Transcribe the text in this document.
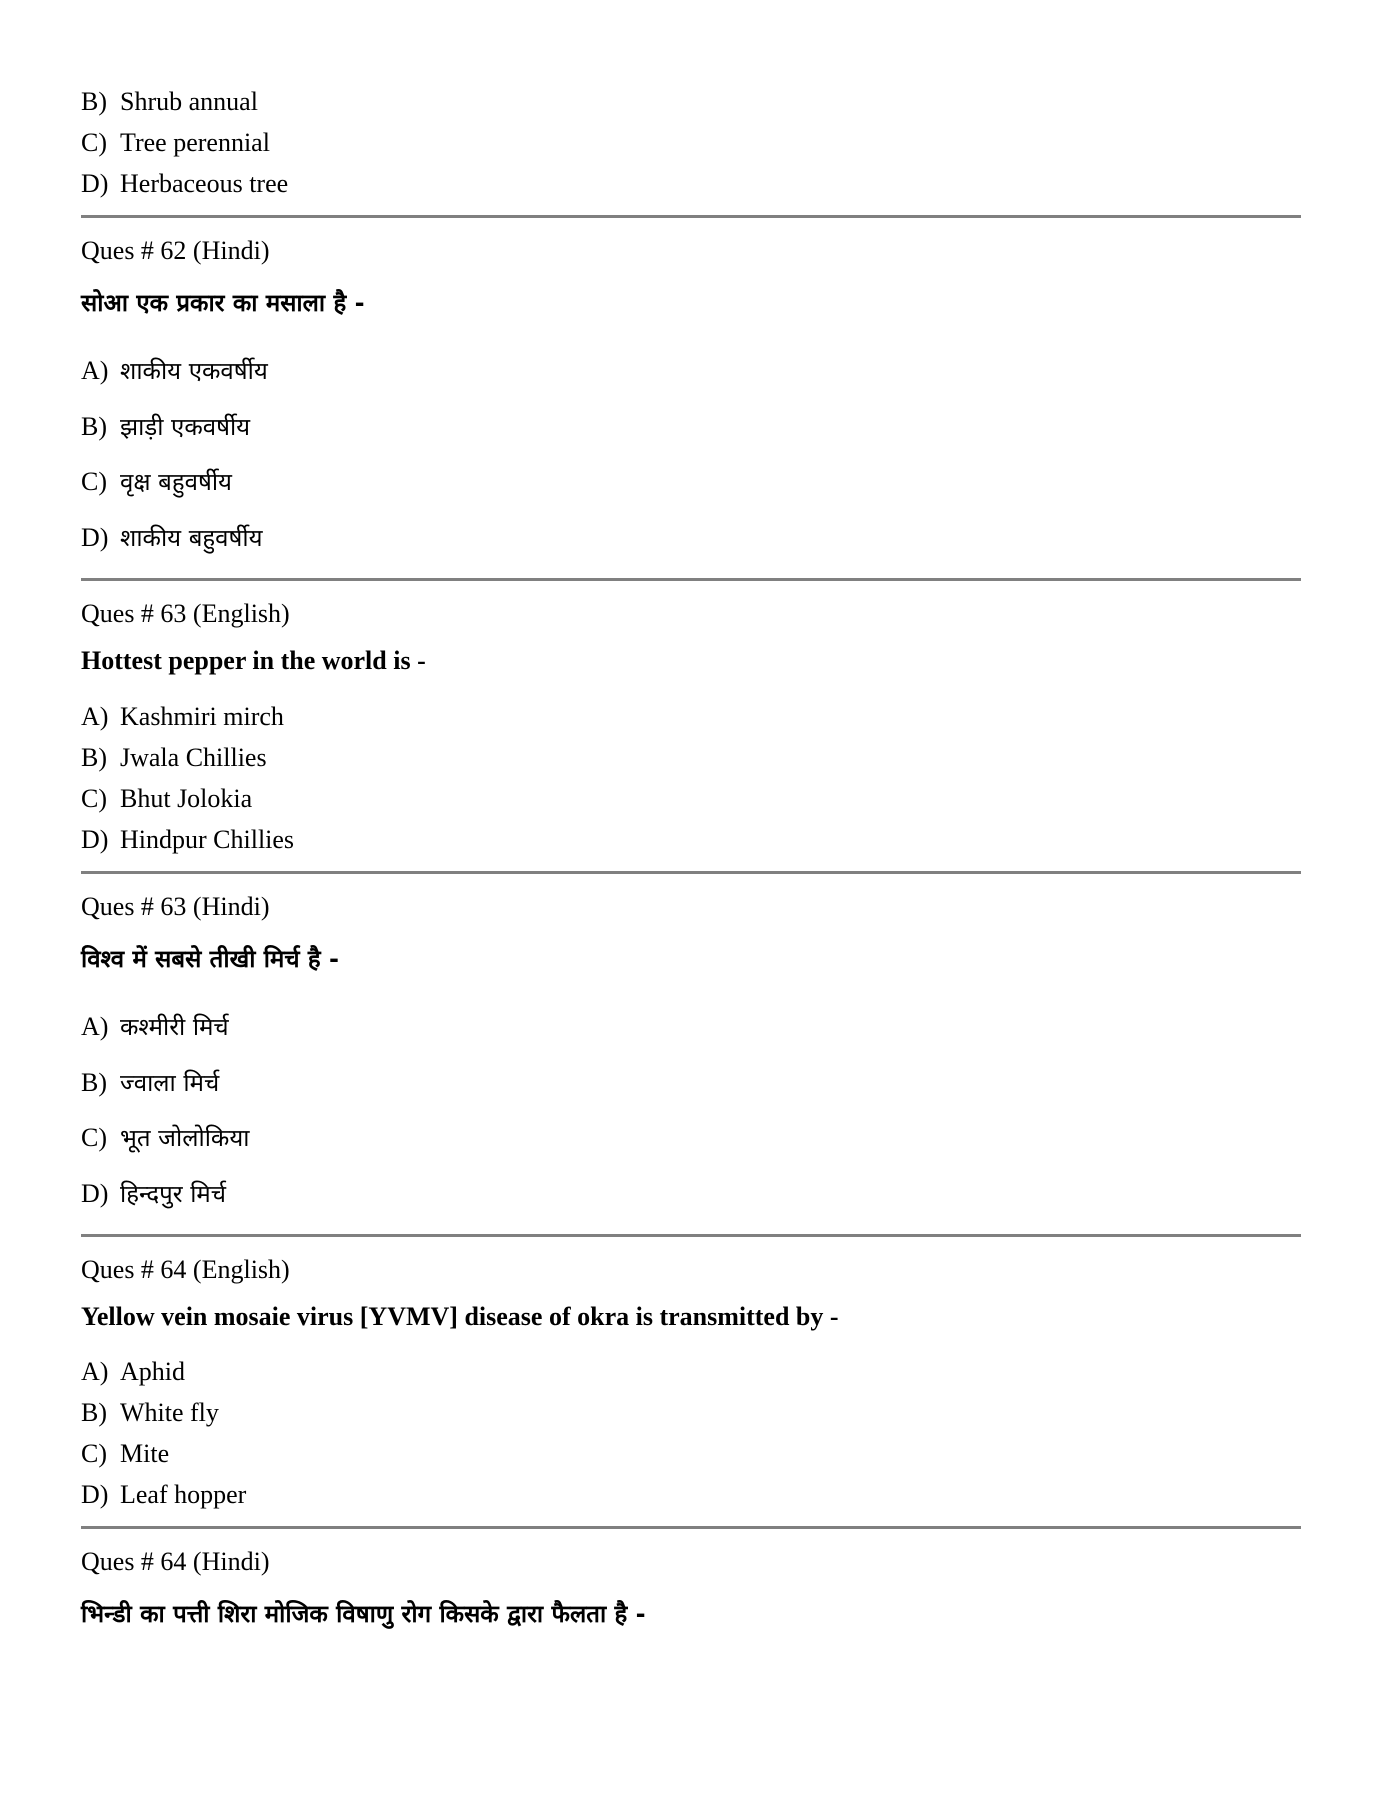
B) Shrub annual
C) Tree perennial
D) Herbaceous tree
Ques # 62 (Hindi)
सोआ एक प्रकार का मसाला है -
A) शाकीय एकवर्षीय
B) झाड़ी एकवर्षीय
C) वृक्ष बहुवर्षीय
D) शाकीय बहुवर्षीय
Ques # 63 (English)
Hottest pepper in the world is -
A) Kashmiri mirch
B) Jwala Chillies
C) Bhut Jolokia
D) Hindpur Chillies
Ques # 63 (Hindi)
विश्व में सबसे तीखी मिर्च है -
A) कश्मीरी मिर्च
B) ज्वाला मिर्च
C) भूत जोलोकिया
D) हिन्दपुर मिर्च
Ques # 64 (English)
Yellow vein mosaie virus [YVMV] disease of okra is transmitted by -
A) Aphid
B) White fly
C) Mite
D) Leaf hopper
Ques # 64 (Hindi)
भिन्डी का पत्ती शिरा मोजिक विषाणु रोग किसके द्वारा फैलता है -
